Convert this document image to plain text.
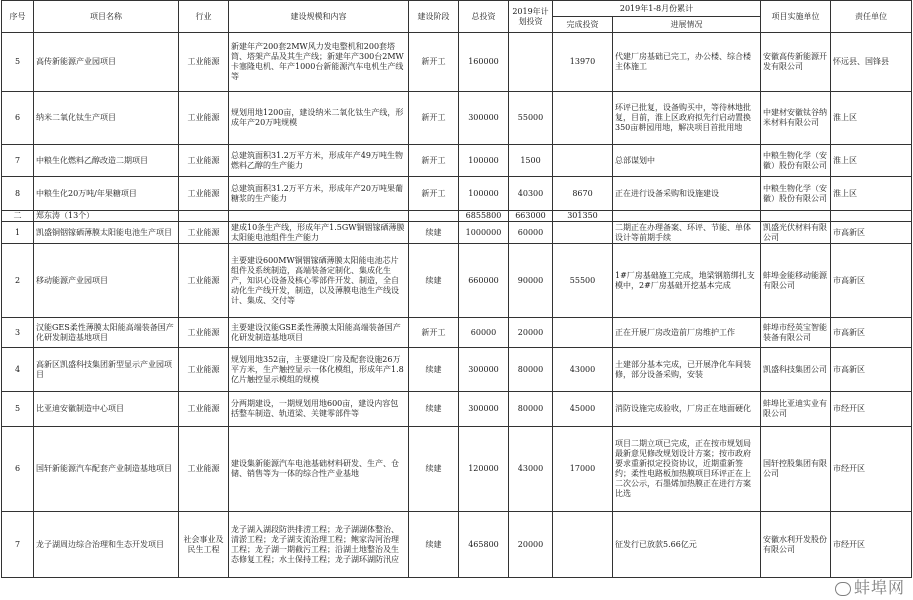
序号	项目名称	行业	建设规模和内容	建设阶段	总投资	2019年计划投资	2019年1-8月份累计		项目实施单位	责任单位
							完成投资	进展情况		
5	高传新能源产业园项目	工业能源	新建年产200套2MW风力发电整机和200套塔筒、塔架产品及其生产线；新建年产300台2MW卡塞隆电机、年产1000台新能源汽车电机生产线等	新开工	160000		13970	代建厂房基础已完工，办公楼、综合楼主体施工	安徽高传新能源开发有限公司	怀远县、国锋县
6	纳米二氧化钛生产项目	工业能源	规划用地1200亩，建设纳米二氧化钛生产线，形成年产20万吨规模	新开工	300000	55000		环评已批复，设备购买中，等待林地批复，目前，淮上区政府拟先行启动置换350亩耕园用地，解决项目首批用地	中建材安徽钛谷纳米材料有限公司	淮上区
7	中粮生化燃料乙醇改造二期项目	工业能源	总建筑面积31.2万平方米，形成年产49万吨生物燃料乙醇的生产能力	新开工	100000	1500		总部谋划中	中粮生物化学（安徽）股份有限公司	淮上区
8	中粮生化20万吨/年果糖项目	工业能源	总建筑面积31.2万平方米，形成年产20万吨果葡糖浆的生产能力	新开工	100000	40300	8670	正在进行设备采购和设施建设	中粮生物化学（安徽）股份有限公司	淮上区
二	郑东涛（13个）				6855800	663000	301350			
1	凯盛铜铟镓硒薄膜太阳能电池生产项目	工业能源	建成10条生产线，形成年产1.5GW铜铟镓硒薄膜太阳能电池组件生产能力	续建	1000000	60000		二期正在办理备案、环评、节能、单体设计等前期手续	凯盛光伏材料有限公司	市高新区
2	移动能源产业园项目	工业能源	主要建设600MW铜铟镓硒薄膜太阳能电池芯片组件及系统制造，高端装备定制化、集成化生产，知识心设备及核心零部件开发、制造，全自动化生产线开发，制造，以及薄膜电池生产线设计、集成、交付等	续建	660000	90000	55500	1#厂房基础施工完成，地梁钢筋绑扎支模中，2#厂房基础开挖基本完成	蚌埠金能移动能源有限公司	市高新区
3	汉能GES柔性薄膜太阳能高端装备国产化研发制造基地项目	工业能源	主要建设汉能GSE柔性薄膜太阳能高端装备国产化研发制造基地项目	新开工	60000	20000		正在开展厂房改造前厂房维护工作	蚌埠市经英宝智能装备有限公司	市高新区
4	高新区凯盛科技集团新型显示产业园项目	工业能源	规划用地352亩，主要建设厂房及配套设施26万平方米，生产触控显示一体化模组，形成年产1.8亿片触控显示模组的规模	续建	300000	80000	43000	土建部分基本完成，已开展净化车间装修，部分设备采购，安装	凯盛科技集团公司	市高新区
5	比亚迪安徽制造中心项目	工业能源	分两期建设，一期规划用地600亩，建设内容包括整车制造、轨道梁、关键零部件等	续建	300000	80000	45000	消防设施完成验收，厂房正在地面硬化	蚌埠比亚迪实业有限公司	市经开区
6	国轩新能源汽车配套产业制造基地项目	工业能源	建设集新能源汽车电池基础材料研发、生产、仓储、销售等为一体的综合性产业基地	续建	120000	43000	17000	项目二期立项已完成，正在按市规划局最新意见修改规划设计方案；按市政府要求重新拟定投资协议，近期重新签约；柔性电路板加热膜项目环评正在上二次公示，石墨烯加热膜正在进行方案比选	国轩控股集团有限公司	市经开区
7	龙子湖周边综合治理和生态开发项目	社会事业及民生工程	龙子湖入湖段防洪排涝工程；龙子湖湖体整治、清淤工程；龙子湖支流治理工程；鲍家沟河治理工程；龙子湖一期截污工程；沿湖土地整治及生态修复工程；水土保持工程；龙子湖环湖防汛应	续建	465800	20000		征发行已放款5.66亿元	安徽水利开发股份有限公司	市经开区
蚌埠网
